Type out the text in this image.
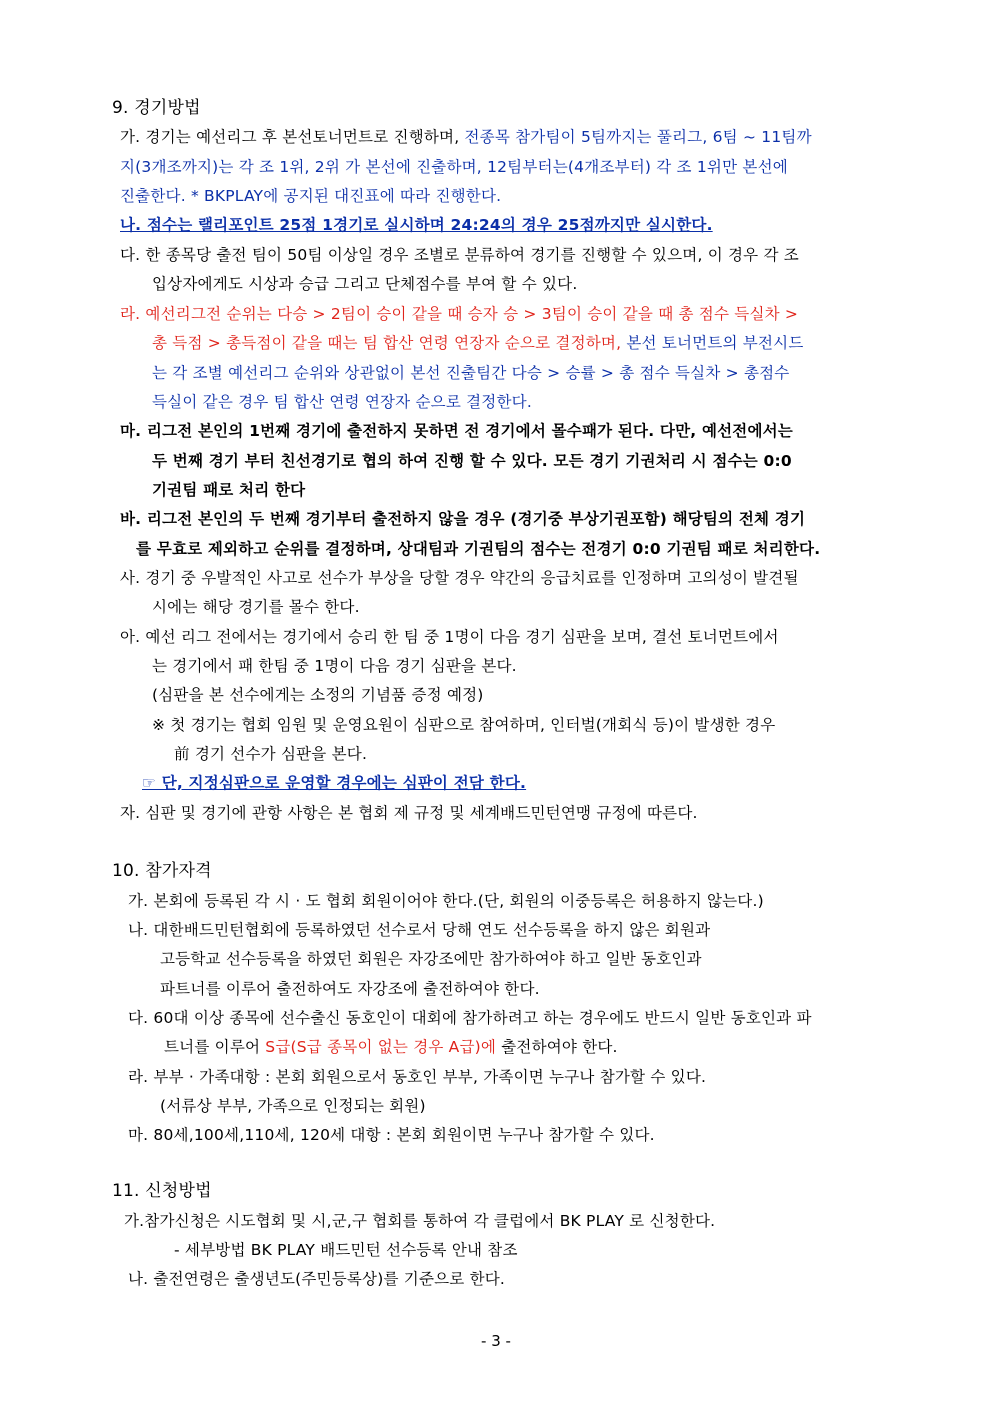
9. 경기방법
가. 경기는 예선리그 후 본선토너먼트로 진행하며, 전종목 참가팀이 5팀까지는 풀리그, 6팀 ~ 11팀까
지(3개조까지)는 각 조 1위, 2위 가 본선에 진출하며, 12팀부터는(4개조부터) 각 조 1위만 본선에
진출한다. * BKPLAY에 공지된 대진표에 따라 진행한다.
나. 점수는 랠리포인트 25점 1경기로 실시하며 24:24의 경우 25점까지만 실시한다.
다. 한 종목당 출전 팀이 50팀 이상일 경우 조별로 분류하여 경기를 진행할 수 있으며, 이 경우 각 조
입상자에게도 시상과 승급 그리고 단체점수를 부여 할 수 있다.
라. 예선리그전 순위는 다승 > 2팀이 승이 같을 때 승자 승 > 3팀이 승이 같을 때 총 점수 득실차 >
총 득점 > 총득점이 같을 때는 팀 합산 연령 연장자 순으로 결정하며, 본선 토너먼트의 부전시드
는 각 조별 예선리그 순위와 상관없이 본선 진출팀간 다승 > 승률 > 총 점수 득실차 > 총점수
득실이 같은 경우 팀 합산 연령 연장자 순으로 결정한다.
마. 리그전 본인의 1번째 경기에 출전하지 못하면 전 경기에서 몰수패가 된다. 다만, 예선전에서는
두 번째 경기 부터 친선경기로 협의 하여 진행 할 수 있다. 모든 경기 기권처리 시 점수는 0:0
기권팀 패로 처리 한다
바. 리그전 본인의 두 번째 경기부터 출전하지 않을 경우 (경기중 부상기권포함) 해당팀의 전체 경기
를 무효로 제외하고 순위를 결정하며, 상대팀과 기권팀의 점수는 전경기 0:0 기권팀 패로 처리한다.
사. 경기 중 우발적인 사고로 선수가 부상을 당할 경우 약간의 응급치료를 인정하며 고의성이 발견될
시에는 해당 경기를 몰수 한다.
아. 예선 리그 전에서는 경기에서 승리 한 팀 중 1명이 다음 경기 심판을 보며, 결선 토너먼트에서
는 경기에서 패 한팀 중 1명이 다음 경기 심판을 본다.
(심판을 본 선수에게는 소정의 기념품 증정 예정)
※ 첫 경기는 협회 임원 및 운영요원이 심판으로 참여하며, 인터벌(개회식 등)이 발생한 경우
前 경기 선수가 심판을 본다.
☞ 단, 지정심판으로 운영할 경우에는 심판이 전담 한다.
자. 심판 및 경기에 관항 사항은 본 협회 제 규정 및 세계배드민턴연맹 규정에 따른다.
10. 참가자격
가. 본회에 등록된 각 시 · 도 협회 회원이어야 한다.(단, 회원의 이중등록은 허용하지 않는다.)
나. 대한배드민턴협회에 등록하였던 선수로서 당해 연도 선수등록을 하지 않은 회원과
고등학교 선수등록을 하였던 회원은 자강조에만 참가하여야 하고 일반 동호인과
파트너를 이루어 출전하여도 자강조에 출전하여야 한다.
다. 60대 이상 종목에 선수출신 동호인이 대회에 참가하려고 하는 경우에도 반드시 일반 동호인과 파
트너를 이루어 S급(S급 종목이 없는 경우 A급)에 출전하여야 한다.
라. 부부 · 가족대항 : 본회 회원으로서 동호인 부부, 가족이면 누구나 참가할 수 있다.
(서류상 부부, 가족으로 인정되는 회원)
마. 80세,100세,110세, 120세 대항 : 본회 회원이면 누구나 참가할 수 있다.
11. 신청방법
가.참가신청은 시도협회 및 시,군,구 협회를 통하여 각 클럽에서 BK PLAY 로 신청한다.
- 세부방법 BK PLAY 배드민턴 선수등록 안내 참조
나. 출전연령은 출생년도(주민등록상)를 기준으로 한다.
- 3 -
